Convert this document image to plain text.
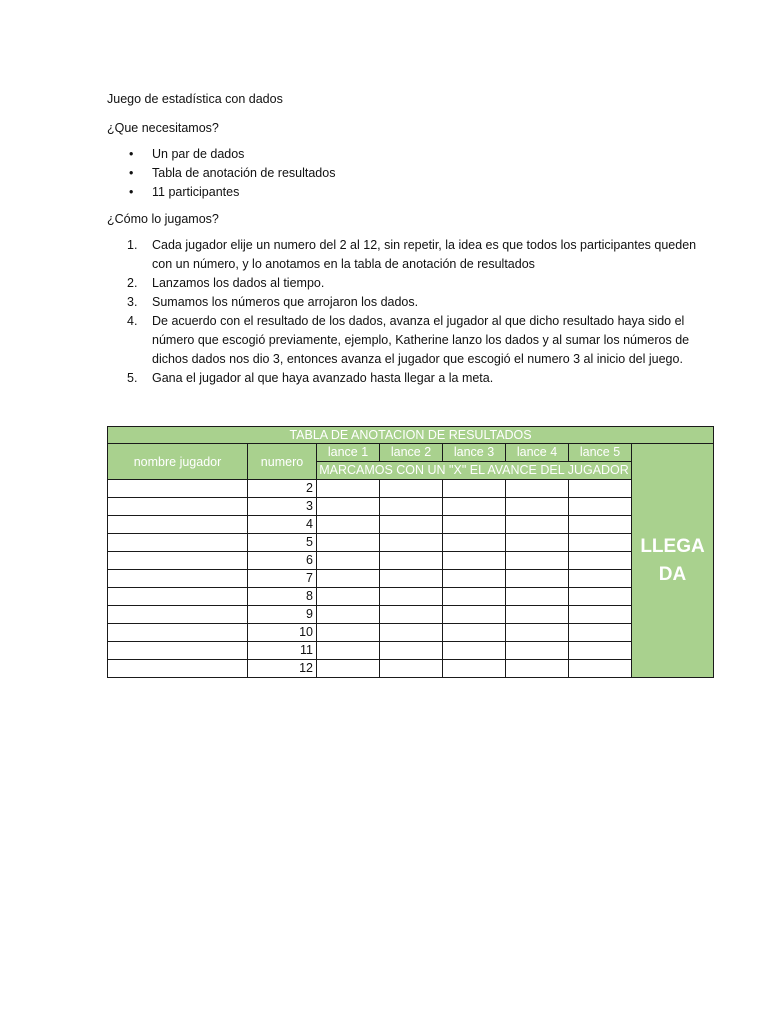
Juego de estadística con dados
¿Que necesitamos?
• Un par de dados
• Tabla de anotación de resultados
• 11 participantes
¿Cómo lo jugamos?
1. Cada jugador elije un numero del 2 al 12, sin repetir, la idea es que todos los participantes queden con un número, y lo anotamos en la tabla de anotación de resultados
2. Lanzamos los dados al tiempo.
3. Sumamos los números que arrojaron los dados.
4. De acuerdo con el resultado de los dados, avanza el jugador al que dicho resultado haya sido el número que escogió previamente, ejemplo, Katherine lanzo los dados y al sumar los números de dichos dados nos dio 3, entonces avanza el jugador que escogió el numero 3 al inicio del juego.
5. Gana el jugador al que haya avanzado hasta llegar a la meta.
TABLA DE ANOTACION DE RESULTADOS							
nombre jugador	numero	lance 1	lance 2	lance 3	lance 4	lance 5	LLEGADA
		MARCAMOS CON UN "X" EL AVANCE DEL JUGADOR					
	2						
	3						
	4						
	5						
	6						
	7						
	8						
	9						
	10						
	11						
	12						
